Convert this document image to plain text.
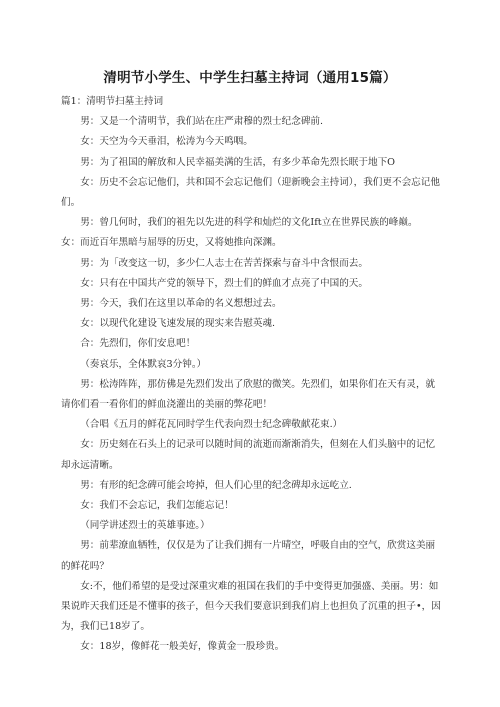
清明节小学生、中学生扫墓主持词（通用15篇）

篇1：清明节扫墓主持词

男：又是一个清明节，我们站在庄严肃穆的烈士纪念碑前.

女：天空为今天垂泪，松涛为今天鸣咽。

男：为了祖国的解放和人民幸福美满的生活，有多少革命先烈长眠于地下O

女：历史不会忘记他们，共和国不会忘记他们（迎新晚会主持词），我们更不会忘记他们。

男：曾几何时，我们的祖先以先进的科学和灿烂的文化Ift立在世界民族的峰巅。

女：而近百年黑暗与屈辱的历史，又将她推向深渊。

男：为「改变这一切，多少仁人志士在苦苦探索与奋斗中含恨而去。

女：只有在中国共产党的领导下，烈士们的鲜血才点亮了中国的天。

男：今天，我们在这里以革命的名义想想过去。

女：以现代化建设飞速发展的现实来告慰英魂.

合：先烈们，你们安息吧！

（奏哀乐，全体默哀3分钟。）

男：松涛阵阵，那仿佛是先烈们发出了欣慰的微笑。先烈们，如果你们在天有灵，就请你们看一看你们的鲜血浇灌出的美丽的弊花吧！

（合唱《五月的鲜花瓦同时学生代表向烈士纪念碑敬献花束.）

女：历史刻在石头上的记录可以随时间的流逝而渐渐消失，但刻在人们头脑中的记忆却永远清晰。

男：有形的纪念碑可能会垮掉，但人们心里的纪念碑却永远屹立.

女：我们不会忘记，我们怎能忘记！

（同学讲述烈士的英雄事迹。）

男：前辈潦血牺牲，仅仅是为了让我们拥有一片晴空，呼吸自由的空气，欣赏这美丽的鲜花吗？

女:不，他们希望的是受过深重灾难的祖国在我们的手中变得更加强盛、美丽。男：如果说昨天我们还是不懂事的孩子，但今天我们要意识到我们肩上也担负了沉重的担子•，因为，我们已18岁了。

女：18岁，像鲜花一般美好，像黄金一股珍贵。
